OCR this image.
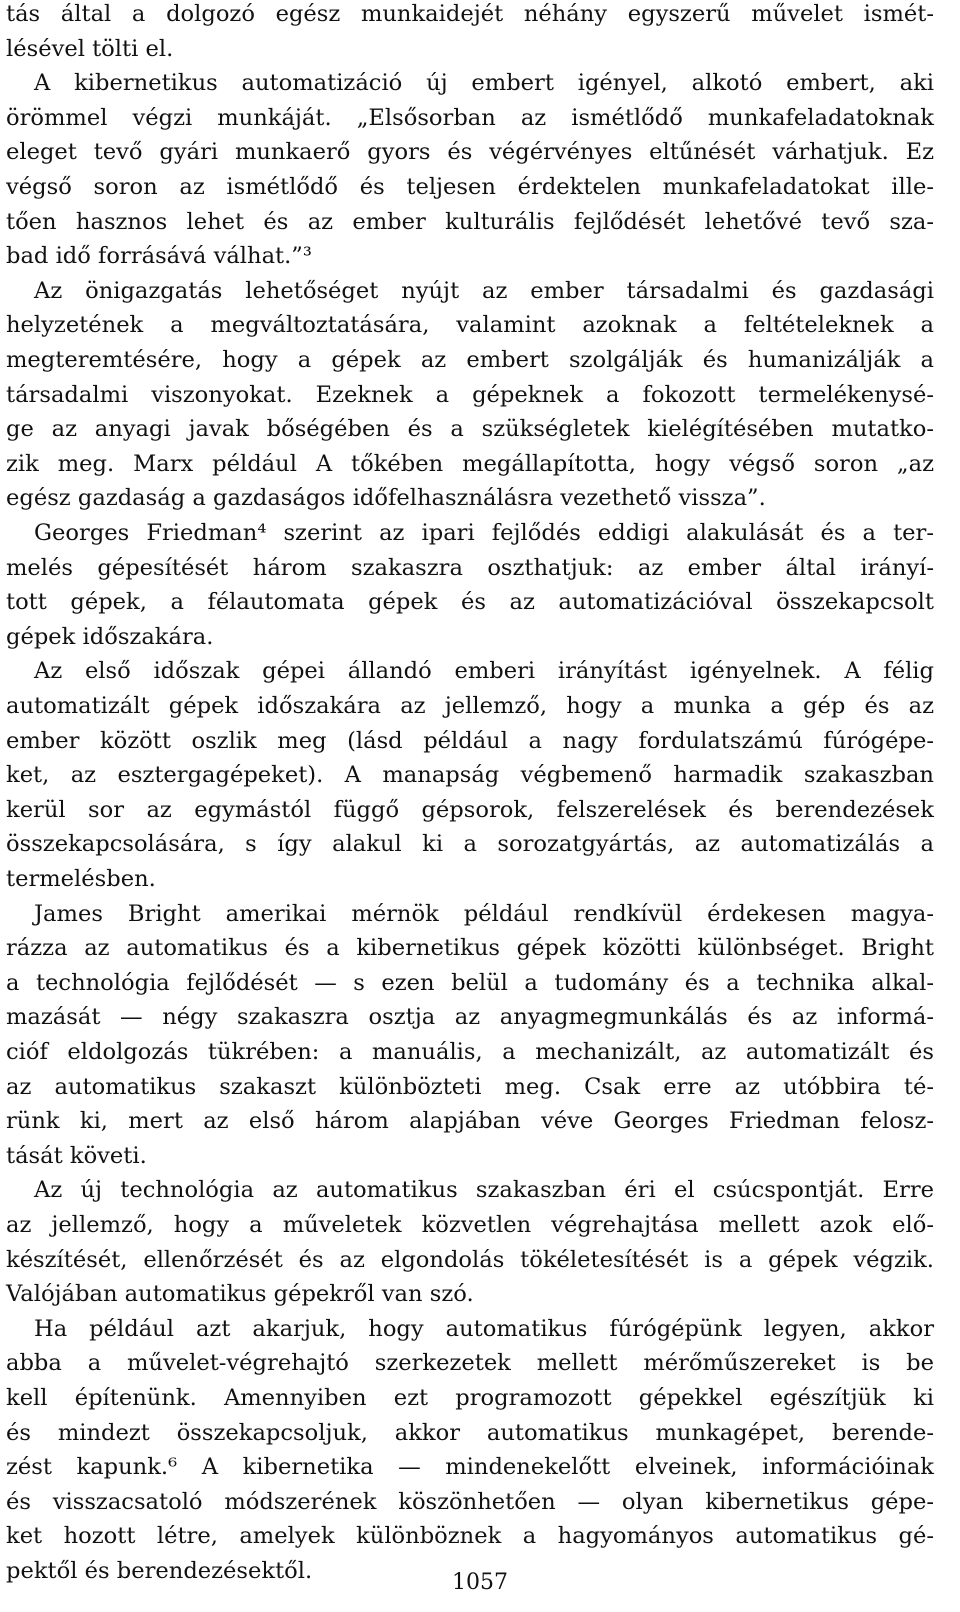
tás által a dolgozó egész munkaidejét néhány egyszerű művelet ismét-

lésével tölti el.

A kibernetikus automatizáció új embert igényel, alkotó embert, aki

örömmel végzi munkáját. „Elsősorban az ismétlődő munkafeladatoknak

eleget tevő gyári munkaerő gyors és végérvényes eltűnését várhatjuk. Ez

végső soron az ismétlődő és teljesen érdektelen munkafeladatokat ille-

tően hasznos lehet és az ember kulturális fejlődését lehetővé tevő sza-

bad idő forrásává válhat.”³

Az önigazgatás lehetőséget nyújt az ember társadalmi és gazdasági

helyzetének a megváltoztatására, valamint azoknak a feltételeknek a

megteremtésére, hogy a gépek az embert szolgálják és humanizálják a

társadalmi viszonyokat. Ezeknek a gépeknek a fokozott termelékenysé-

ge az anyagi javak bőségében és a szükségletek kielégítésében mutatko-

zik meg. Marx például A tőkében megállapította, hogy végső soron „az

egész gazdaság a gazdaságos időfelhasználásra vezethető vissza”.

Georges Friedman⁴ szerint az ipari fejlődés eddigi alakulását és a ter-

melés gépesítését három szakaszra oszthatjuk: az ember által irányí-

tott gépek, a félautomata gépek és az automatizációval összekapcsolt

gépek időszakára.

Az első időszak gépei állandó emberi irányítást igényelnek. A félig

automatizált gépek időszakára az jellemző, hogy a munka a gép és az

ember között oszlik meg (lásd például a nagy fordulatszámú fúrógépe-

ket, az esztergagépeket). A manapság végbemenő harmadik szakaszban

kerül sor az egymástól függő gépsorok, felszerelések és berendezések

összekapcsolására, s így alakul ki a sorozatgyártás, az automatizálás a

termelésben.

James Bright amerikai mérnök például rendkívül érdekesen magya-

rázza az automatikus és a kibernetikus gépek közötti különbséget. Bright

a technológia fejlődését — s ezen belül a tudomány és a technika alkal-

mazását — négy szakaszra osztja az anyagmegmunkálás és az informá-

cióf eldolgozás tükrében: a manuális, a mechanizált, az automatizált és

az automatikus szakaszt különbözteti meg. Csak erre az utóbbira té-

rünk ki, mert az első három alapjában véve Georges Friedman felosz-

tását követi.

Az új technológia az automatikus szakaszban éri el csúcspontját. Erre

az jellemző, hogy a műveletek közvetlen végrehajtása mellett azok elő-

készítését, ellenőrzését és az elgondolás tökéletesítését is a gépek végzik.

Valójában automatikus gépekről van szó.

Ha például azt akarjuk, hogy automatikus fúrógépünk legyen, akkor

abba a művelet-végrehajtó szerkezetek mellett mérőműszereket is be

kell építenünk. Amennyiben ezt programozott gépekkel egészítjük ki

és mindezt összekapcsoljuk, akkor automatikus munkagépet, berende-

zést kapunk.⁶ A kibernetika — mindenekelőtt elveinek, információinak

és visszacsatoló módszerének köszönhetően — olyan kibernetikus gépe-

ket hozott létre, amelyek különböznek a hagyományos automatikus gé-

pektől és berendezésektől.	1057
